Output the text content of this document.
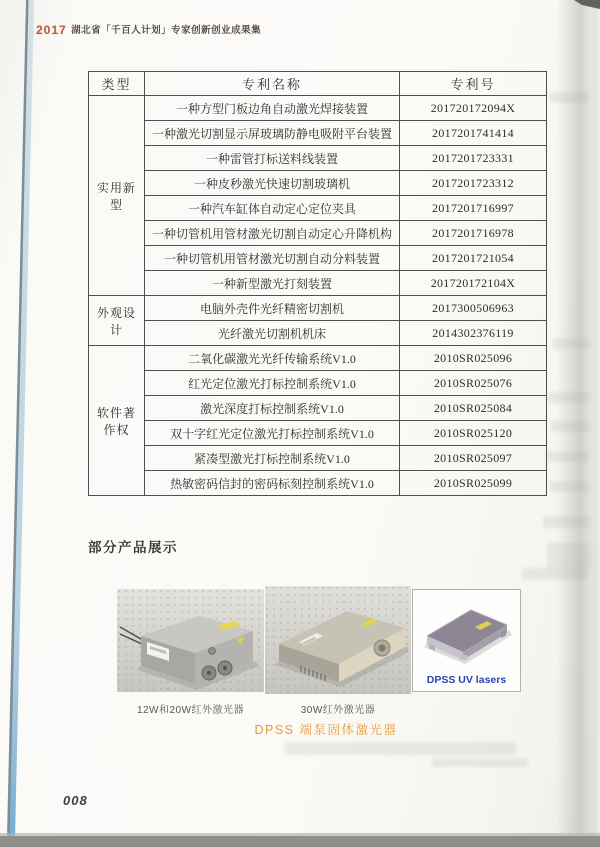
2017 湖北省「千百人计划」专家创新创业成果集
类型	专利名称	专利号
实用新型	一种方型门板边角自动激光焊接装置	201720172094X
	一种激光切割显示屏玻璃防静电吸附平台装置	2017201741414
	一种雷管打标送料线装置	2017201723331
	一种皮秒激光快速切割玻璃机	2017201723312
	一种汽车缸体自动定心定位夹具	2017201716997
	一种切管机用管材激光切割自动定心升降机构	2017201716978
	一种切管机用管材激光切割自动分料装置	2017201721054
	一种新型激光打刻装置	201720172104X
外观设计	电脑外壳件光纤精密切割机	2017300506963
	光纤激光切割机机床	2014302376119
软件著作权	二氧化碳激光光纤传输系统V1.0	2010SR025096
	红光定位激光打标控制系统V1.0	2010SR025076
	激光深度打标控制系统V1.0	2010SR025084
	双十字红光定位激光打标控制系统V1.0	2010SR025120
	紧凑型激光打标控制系统V1.0	2010SR025097
	热敏密码信封的密码标刻控制系统V1.0	2010SR025099
部分产品展示
DPSS UV lasers
12W和20W红外激光器	30W红外激光器
DPSS 端泵固体激光器
008
